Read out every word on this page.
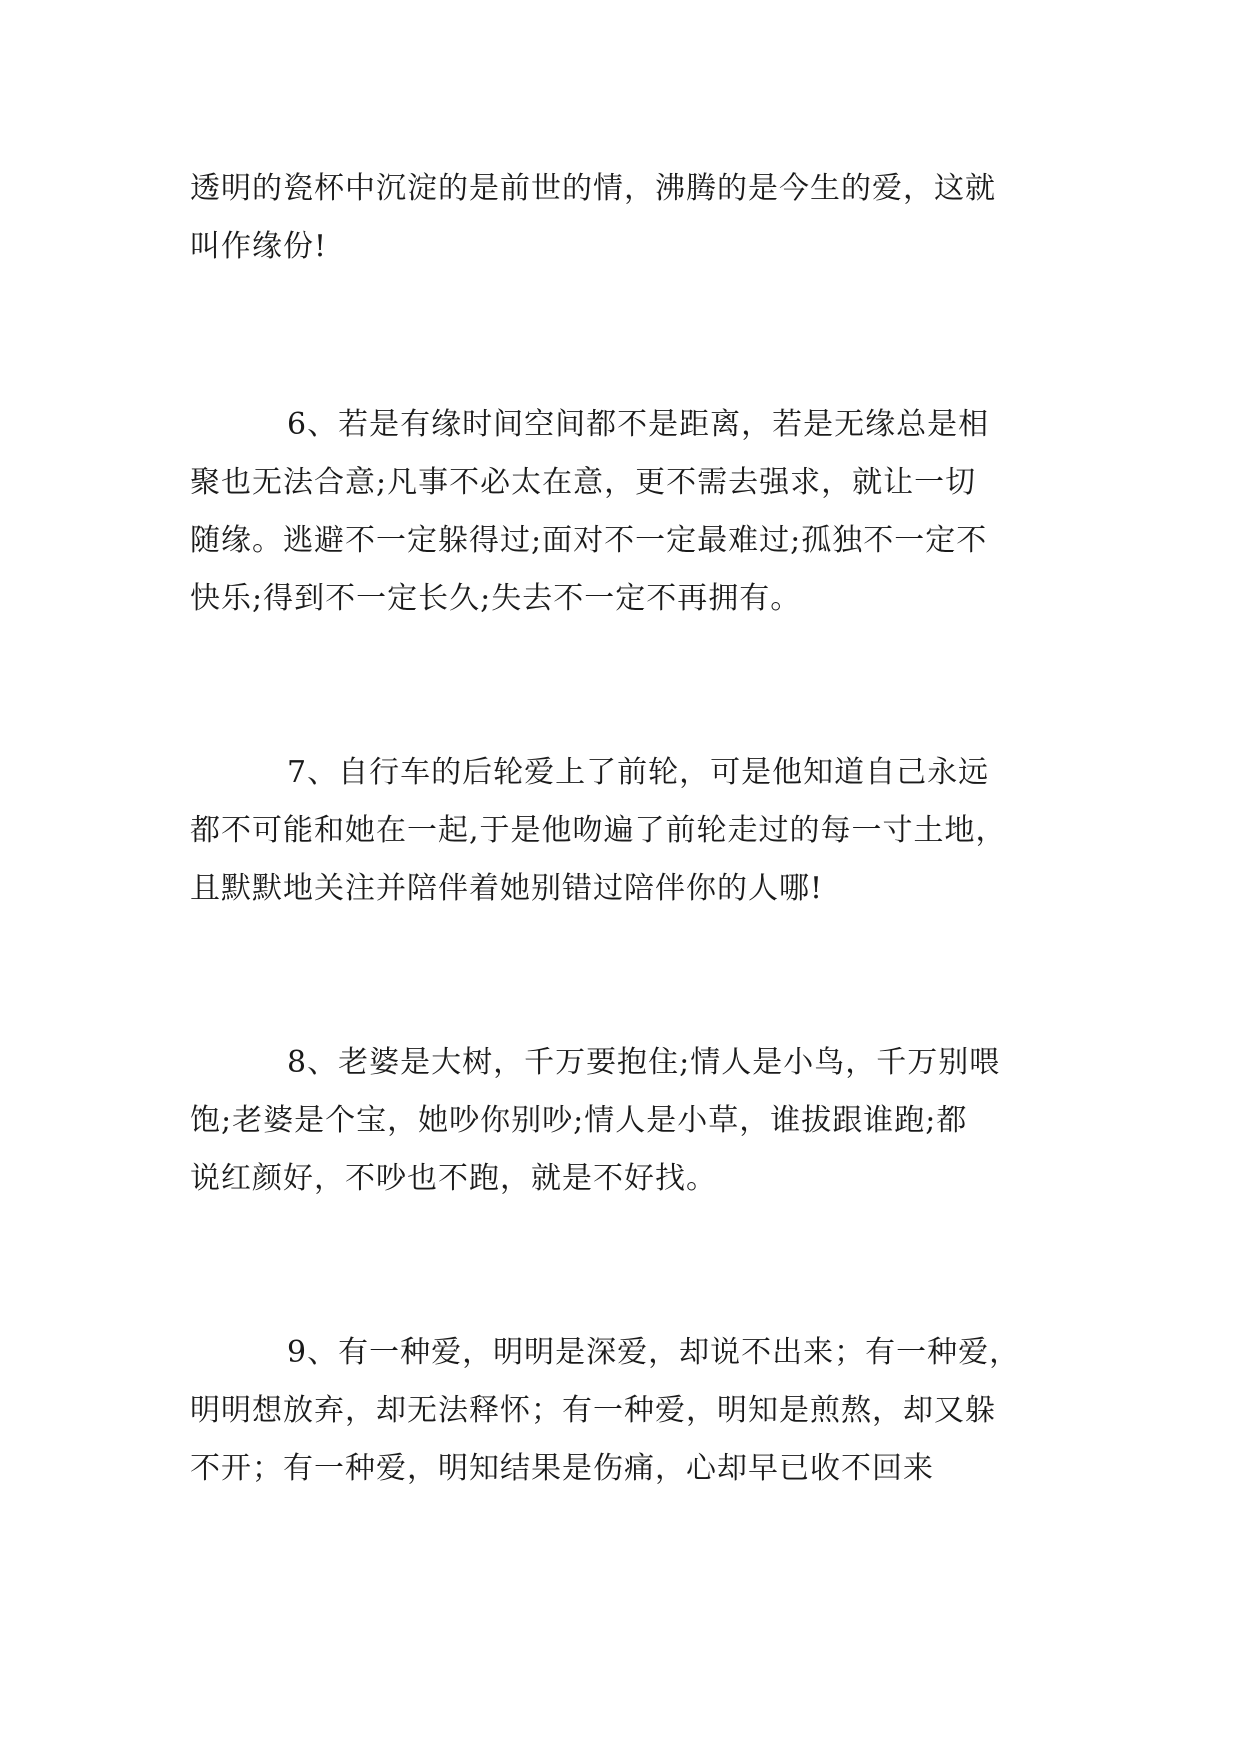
透明的瓷杯中沉淀的是前世的情，沸腾的是今生的爱，这就
叫作缘份!

6、若是有缘时间空间都不是距离，若是无缘总是相
聚也无法合意;凡事不必太在意，更不需去强求，就让一切
随缘。逃避不一定躲得过;面对不一定最难过;孤独不一定不
快乐;得到不一定长久;失去不一定不再拥有。

7、自行车的后轮爱上了前轮，可是他知道自己永远
都不可能和她在一起,于是他吻遍了前轮走过的每一寸土地，
且默默地关注并陪伴着她别错过陪伴你的人哪!

8、老婆是大树，千万要抱住;情人是小鸟，千万别喂
饱;老婆是个宝，她吵你别吵;情人是小草，谁拔跟谁跑;都
说红颜好，不吵也不跑，就是不好找。

9、有一种爱，明明是深爱，却说不出来；有一种爱，
明明想放弃，却无法释怀；有一种爱，明知是煎熬，却又躲
不开；有一种爱，明知结果是伤痛，心却早已收不回来
